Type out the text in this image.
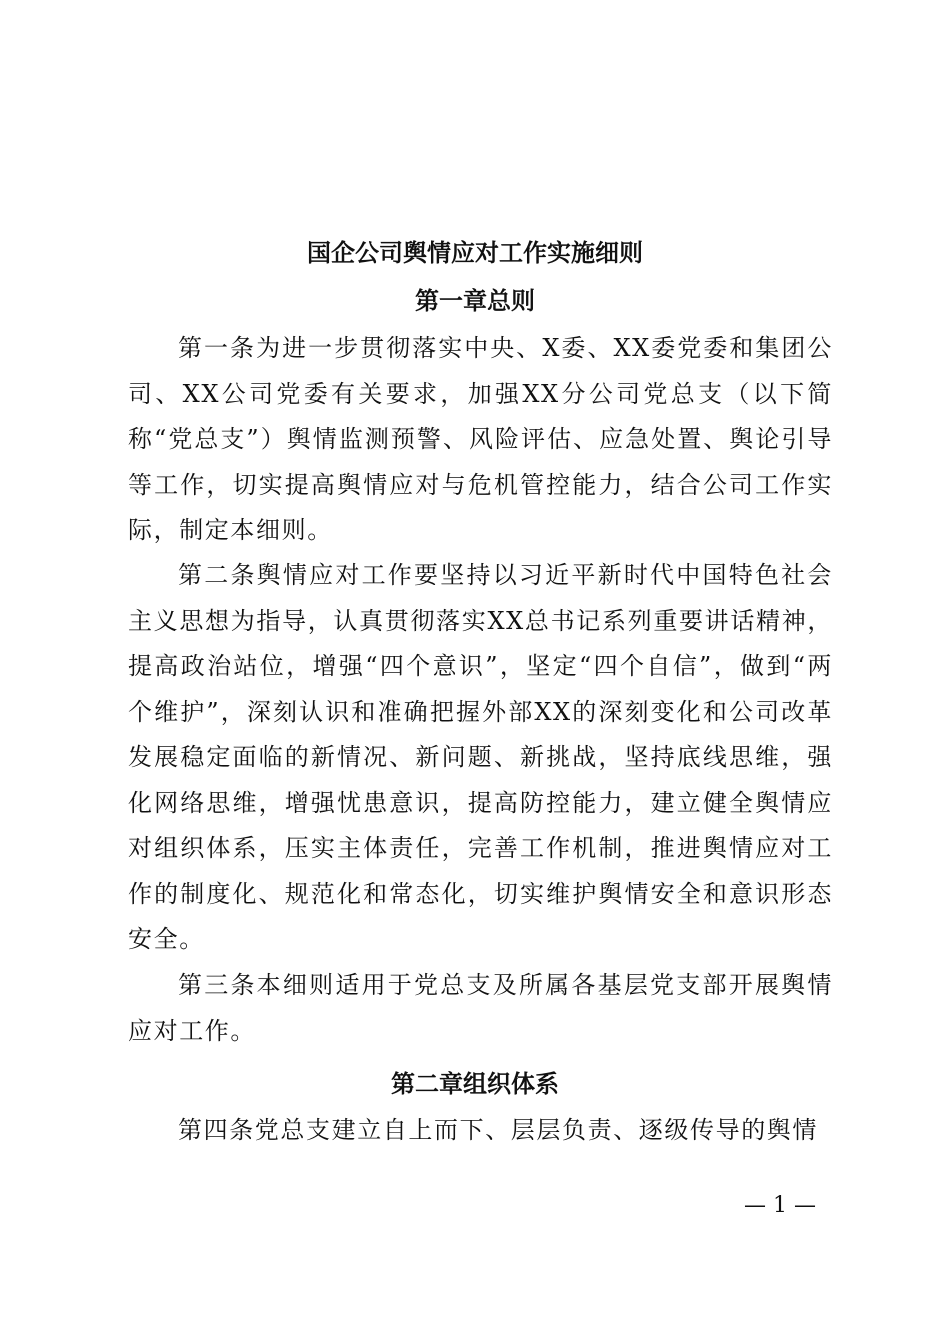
国企公司舆情应对工作实施细则
第一章总则

第一条为进一步贯彻落实中央、X委、XX委党委和集团公司、XX公司党委有关要求，加强XX分公司党总支（以下简称“党总支”）舆情监测预警、风险评估、应急处置、舆论引导等工作，切实提高舆情应对与危机管控能力，结合公司工作实际，制定本细则。

第二条舆情应对工作要坚持以习近平新时代中国特色社会主义思想为指导，认真贯彻落实XX总书记系列重要讲话精神，提高政治站位，增强“四个意识”，坚定“四个自信”，做到“两个维护”，深刻认识和准确把握外部XX的深刻变化和公司改革发展稳定面临的新情况、新问题、新挑战，坚持底线思维，强化网络思维，增强忧患意识，提高防控能力，建立健全舆情应对组织体系，压实主体责任，完善工作机制，推进舆情应对工作的制度化、规范化和常态化，切实维护舆情安全和意识形态安全。

第三条本细则适用于党总支及所属各基层党支部开展舆情应对工作。

第二章组织体系

第四条党总支建立自上而下、层层负责、逐级传导的舆情

— 1 —
